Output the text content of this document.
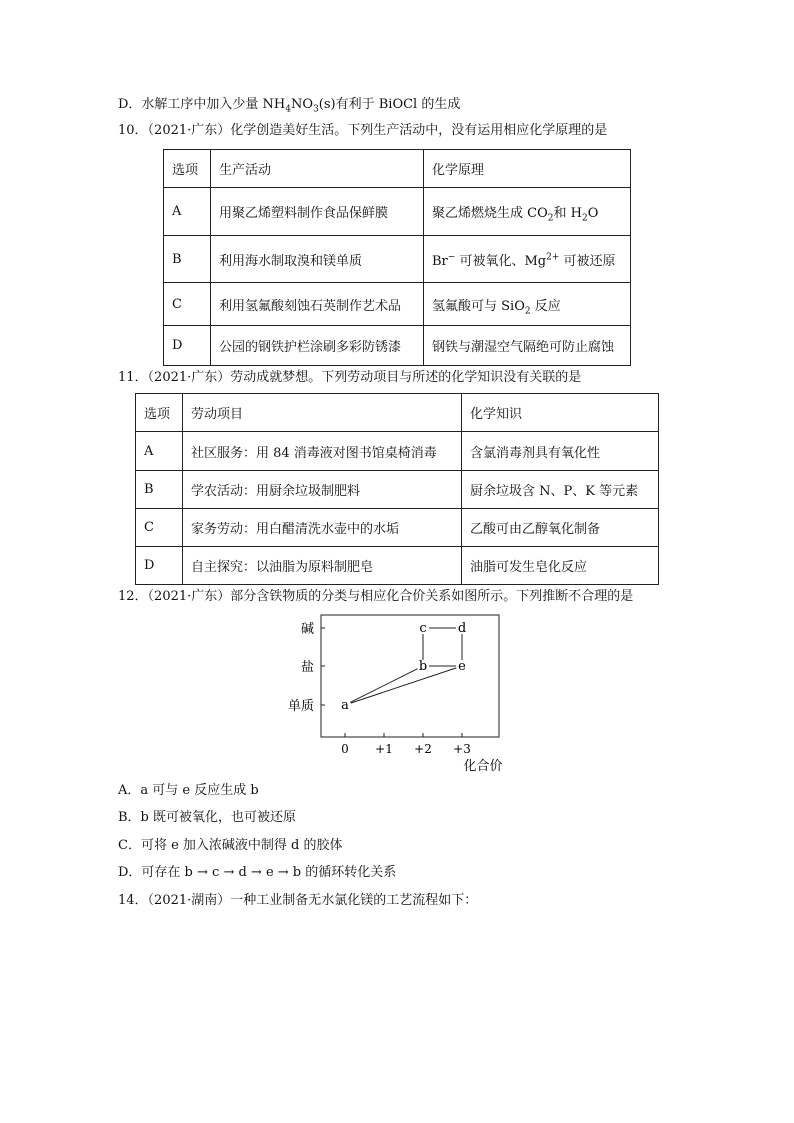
D．水解工序中加入少量 $NH_4NO_3(s)$有利于 BiOCl 的生成
10．（2021·广东）化学创造美好生活。下列生产活动中，没有运用相应化学原理的是
选项	生产活动	化学原理
A	用聚乙烯塑料制作食品保鲜膜	聚乙烯燃烧生成 $CO_2$和 $H_2O$
B	利用海水制取溴和镁单质	Br− 可被氧化、$Mg^{2+}$ 可被还原
C	利用氢氟酸刻蚀石英制作艺术品	氢氟酸可与 SiO$_2$ 反应
D	公园的钢铁护栏涂刷多彩防锈漆	钢铁与潮湿空气隔绝可防止腐蚀
11．（2021·广东）劳动成就梦想。下列劳动项目与所述的化学知识没有关联的是
选项	劳动项目	化学知识
A	社区服务：用 84 消毒液对图书馆桌椅消毒	含氯消毒剂具有氧化性
B	学农活动：用厨余垃圾制肥料	厨余垃圾含 N、P、K 等元素
C	家务劳动：用白醋清洗水壶中的水垢	乙酸可由乙醇氧化制备
D	自主探究：以油脂为原料制肥皂	油脂可发生皂化反应
12．（2021·广东）部分含铁物质的分类与相应化合价关系如图所示。下列推断不合理的是
单质
盐
碱
0 +1 +2 +3
a
b
c d
e
化合价
A．a 可与 e 反应生成 b
B．b 既可被氧化，也可被还原
C．可将 e 加入浓碱液中制得 d 的胶体
D．可存在 b → c → d → e → b 的循环转化关系
14．（2021·湖南）一种工业制备无水氯化镁的工艺流程如下：
